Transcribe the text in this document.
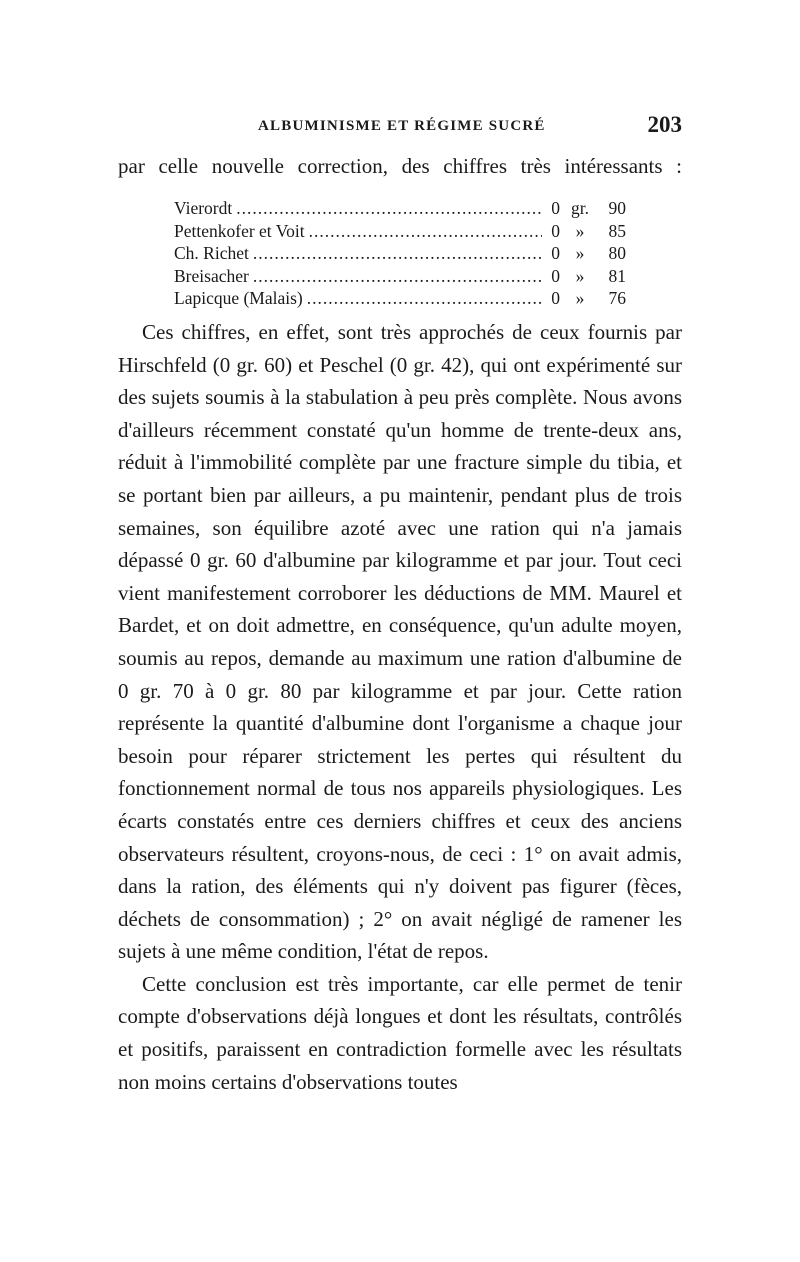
ALBUMINISME ET RÉGIME SUCRÉ	203

par celle nouvelle correction, des chiffres très intéressants :

Vierordt .....	0 gr.	90
Pettenkofer et Voit .....	0 »	85
Ch. Richet .....	0 »	80
Breisacher .....	0 »	81
Lapicque (Malais) .....	0 »	76

Ces chiffres, en effet, sont très approchés de ceux fournis par Hirschfeld (0 gr. 60) et Peschel (0 gr. 42), qui ont expérimenté sur des sujets soumis à la stabulation à peu près complète. Nous avons d'ailleurs récemment constaté qu'un homme de trente-deux ans, réduit à l'immobilité complète par une fracture simple du tibia, et se portant bien par ailleurs, a pu maintenir, pendant plus de trois semaines, son équilibre azoté avec une ration qui n'a jamais dépassé 0 gr. 60 d'albumine par kilogramme et par jour. Tout ceci vient manifestement corroborer les déductions de MM. Maurel et Bardet, et on doit admettre, en conséquence, qu'un adulte moyen, soumis au repos, demande au maximum une ration d'albumine de 0 gr. 70 à 0 gr. 80 par kilogramme et par jour. Cette ration représente la quantité d'albumine dont l'organisme a chaque jour besoin pour réparer strictement les pertes qui résultent du fonctionnement normal de tous nos appareils physiologiques. Les écarts constatés entre ces derniers chiffres et ceux des anciens observateurs résultent, croyons-nous, de ceci : 1° on avait admis, dans la ration, des éléments qui n'y doivent pas figurer (fèces, déchets de consommation) ; 2° on avait négligé de ramener les sujets à une même condition, l'état de repos.

Cette conclusion est très importante, car elle permet de tenir compte d'observations déjà longues et dont les résultats, contrôlés et positifs, paraissent en contradiction formelle avec les résultats non moins certains d'observations toutes
